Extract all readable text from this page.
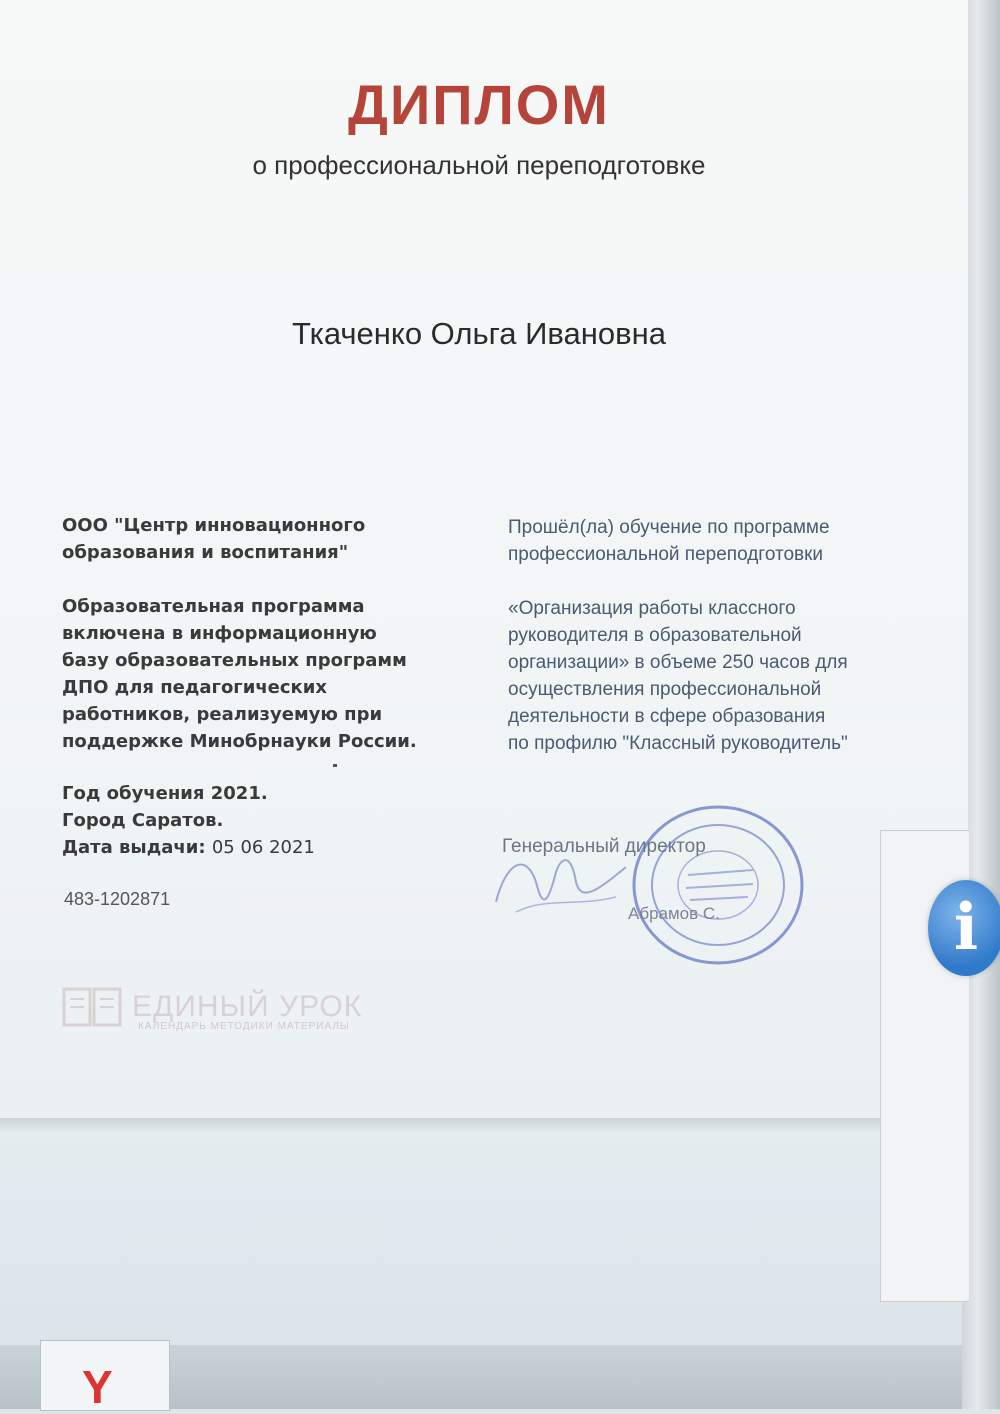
ДИПЛОМ
о профессиональной переподготовке
Ткаченко Ольга Ивановна
ООО "Центр инновационного
образования и воспитания"
Образовательная программа
включена в информационную
базу образовательных программ
ДПО для педагогических
работников, реализуемую при
поддержке Минобрнауки России.
Год обучения 2021.
Город Саратов.
Дата выдачи: 05 06 2021
483-1202871
Прошёл(ла) обучение по программе
профессиональной переподготовки
«Организация работы классного
руководителя в образовательной
организации» в объеме 250 часов для
осуществления профессиональной
деятельности в сфере образования
по профилю "Классный руководитель"
Генеральный директор
Абрамов С.
ЕДИНЫЙ УРОК
КАЛЕНДАРЬ МЕТОДИКИ МАТЕРИАЛЫ
i
Y
